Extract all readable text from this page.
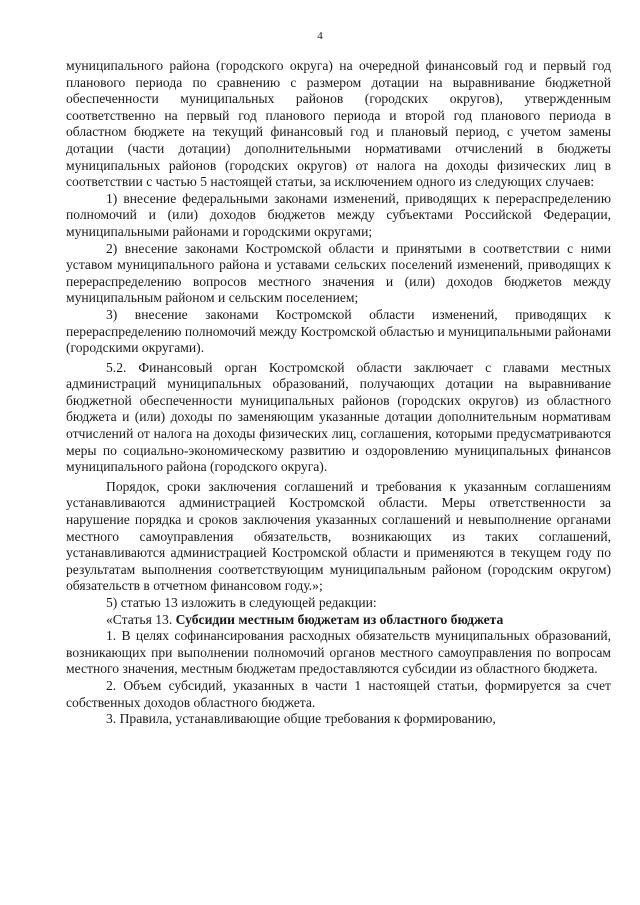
4

муниципального района (городского округа) на очередной финансовый год и первый год планового периода по сравнению с размером дотации на выравнивание бюджетной обеспеченности муниципальных районов (городских округов), утвержденным соответственно на первый год планового периода и второй год планового периода в областном бюджете на текущий финансовый год и плановый период, с учетом замены дотации (части дотации) дополнительными нормативами отчислений в бюджеты муниципальных районов (городских округов) от налога на доходы физических лиц в соответствии с частью 5 настоящей статьи, за исключением одного из следующих случаев:

1) внесение федеральными законами изменений, приводящих к перераспределению полномочий и (или) доходов бюджетов между субъектами Российской Федерации, муниципальными районами и городскими округами;

2) внесение законами Костромской области и принятыми в соответствии с ними уставом муниципального района и уставами сельских поселений изменений, приводящих к перераспределению вопросов местного значения и (или) доходов бюджетов между муниципальным районом и сельским поселением;

3) внесение законами Костромской области изменений, приводящих к перераспределению полномочий между Костромской областью и муниципальными районами (городскими округами).

5.2. Финансовый орган Костромской области заключает с главами местных администраций муниципальных образований, получающих дотации на выравнивание бюджетной обеспеченности муниципальных районов (городских округов) из областного бюджета и (или) доходы по заменяющим указанные дотации дополнительным нормативам отчислений от налога на доходы физических лиц, соглашения, которыми предусматриваются меры по социально-экономическому развитию и оздоровлению муниципальных финансов муниципального района (городского округа).

Порядок, сроки заключения соглашений и требования к указанным соглашениям устанавливаются администрацией Костромской области. Меры ответственности за нарушение порядка и сроков заключения указанных соглашений и невыполнение органами местного самоуправления обязательств, возникающих из таких соглашений, устанавливаются администрацией Костромской области и применяются в текущем году по результатам выполнения соответствующим муниципальным районом (городским округом) обязательств в отчетном финансовом году.»;

5) статью 13 изложить в следующей редакции:

«Статья 13. Субсидии местным бюджетам из областного бюджета

1. В целях софинансирования расходных обязательств муниципальных образований, возникающих при выполнении полномочий органов местного самоуправления по вопросам местного значения, местным бюджетам предоставляются субсидии из областного бюджета.

2. Объем субсидий, указанных в части 1 настоящей статьи, формируется за счет собственных доходов областного бюджета.

3. Правила, устанавливающие общие требования к формированию,
